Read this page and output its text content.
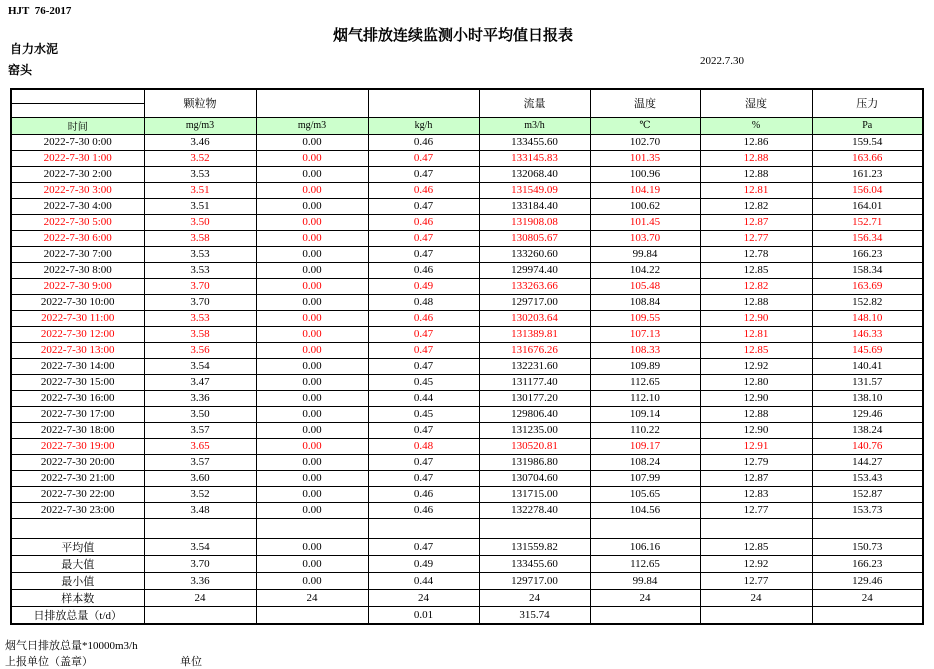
HJT  76-2017
烟气排放连续监测小时平均值日报表
自力水泥
窑头
2022.7.30
	颗粒物			流量	温度	湿度	压力

时间	mg/m3	mg/m3	kg/h	m3/h	℃	%	Pa
2022-7-30 0:00	3.46	0.00	0.46	133455.60	102.70	12.86	159.54
2022-7-30 1:00	3.52	0.00	0.47	133145.83	101.35	12.88	163.66
2022-7-30 2:00	3.53	0.00	0.47	132068.40	100.96	12.88	161.23
2022-7-30 3:00	3.51	0.00	0.46	131549.09	104.19	12.81	156.04
2022-7-30 4:00	3.51	0.00	0.47	133184.40	100.62	12.82	164.01
2022-7-30 5:00	3.50	0.00	0.46	131908.08	101.45	12.87	152.71
2022-7-30 6:00	3.58	0.00	0.47	130805.67	103.70	12.77	156.34
2022-7-30 7:00	3.53	0.00	0.47	133260.60	99.84	12.78	166.23
2022-7-30 8:00	3.53	0.00	0.46	129974.40	104.22	12.85	158.34
2022-7-30 9:00	3.70	0.00	0.49	133263.66	105.48	12.82	163.69
2022-7-30 10:00	3.70	0.00	0.48	129717.00	108.84	12.88	152.82
2022-7-30 11:00	3.53	0.00	0.46	130203.64	109.55	12.90	148.10
2022-7-30 12:00	3.58	0.00	0.47	131389.81	107.13	12.81	146.33
2022-7-30 13:00	3.56	0.00	0.47	131676.26	108.33	12.85	145.69
2022-7-30 14:00	3.54	0.00	0.47	132231.60	109.89	12.92	140.41
2022-7-30 15:00	3.47	0.00	0.45	131177.40	112.65	12.80	131.57
2022-7-30 16:00	3.36	0.00	0.44	130177.20	112.10	12.90	138.10
2022-7-30 17:00	3.50	0.00	0.45	129806.40	109.14	12.88	129.46
2022-7-30 18:00	3.57	0.00	0.47	131235.00	110.22	12.90	138.24
2022-7-30 19:00	3.65	0.00	0.48	130520.81	109.17	12.91	140.76
2022-7-30 20:00	3.57	0.00	0.47	131986.80	108.24	12.79	144.27
2022-7-30 21:00	3.60	0.00	0.47	130704.60	107.99	12.87	153.43
2022-7-30 22:00	3.52	0.00	0.46	131715.00	105.65	12.83	152.87
2022-7-30 23:00	3.48	0.00	0.46	132278.40	104.56	12.77	153.73

平均值	3.54	0.00	0.47	131559.82	106.16	12.85	150.73
最大值	3.70	0.00	0.49	133455.60	112.65	12.92	166.23
最小值	3.36	0.00	0.44	129717.00	99.84	12.77	129.46
样本数	24	24	24	24	24	24	24
日排放总量（t/d）			0.01	315.74			
烟气日排放总量*10000m3/h
上报单位（盖章）	单位
